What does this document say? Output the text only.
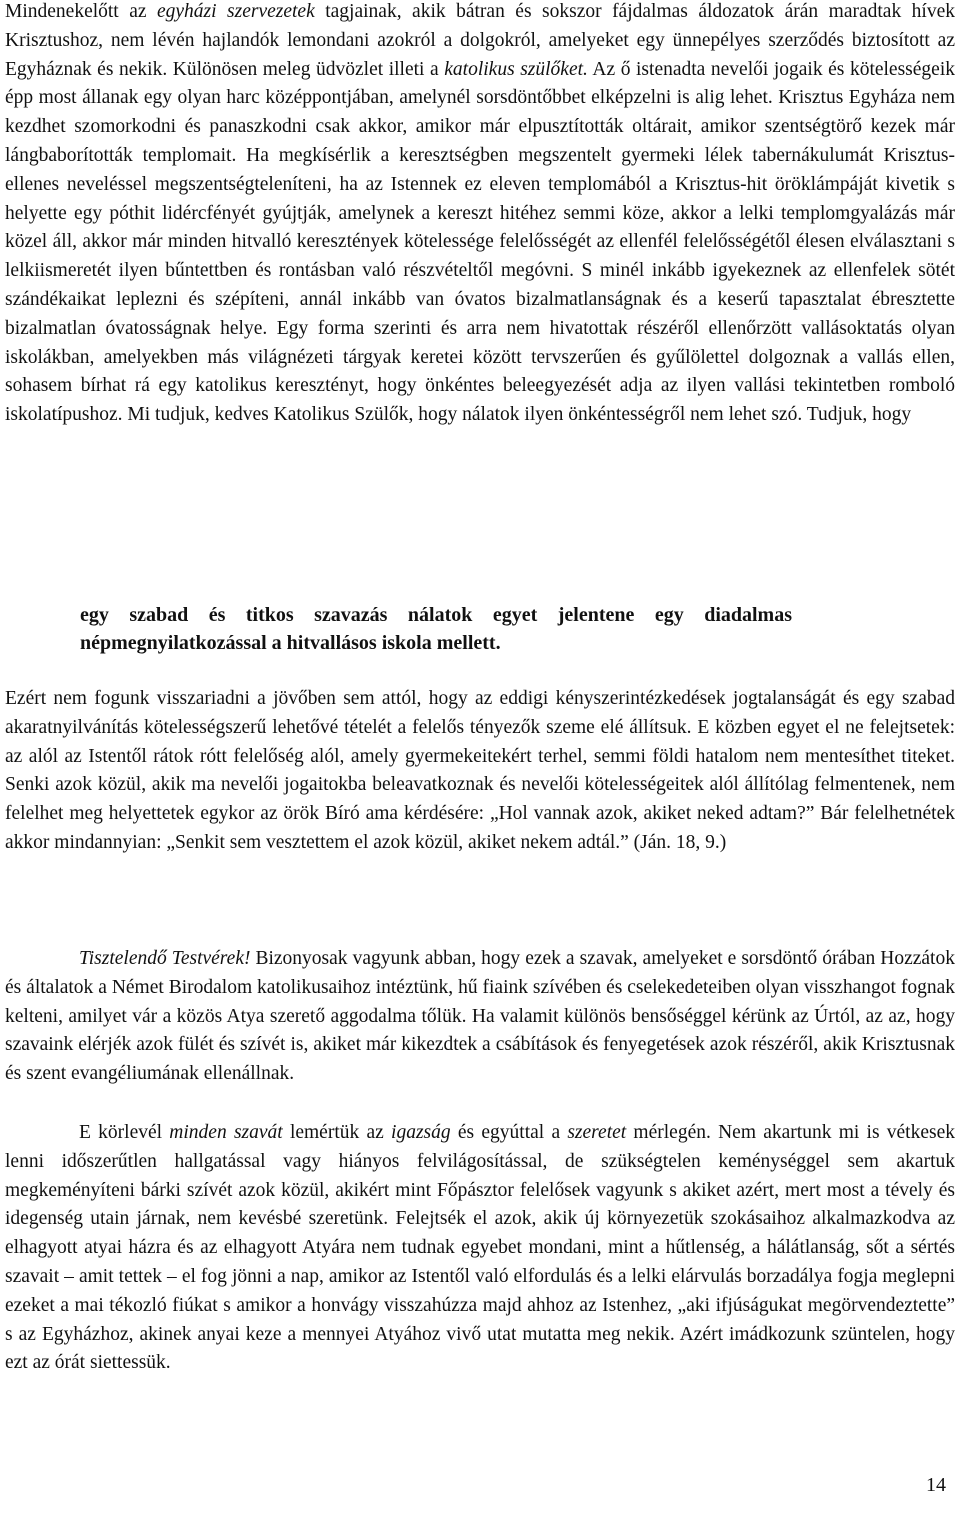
Mindenekelőtt az egyházi szervezetek tagjainak, akik bátran és sokszor fájdalmas áldozatok árán maradtak hívek Krisztushoz, nem lévén hajlandók lemondani azokról a dolgokról, amelyeket egy ünnepélyes szerződés biztosított az Egyháznak és nekik. Különösen meleg üdvözlet illeti a katolikus szülőket. Az ő istenadta nevelői jogaik és kötelességeik épp most állanak egy olyan harc középpontjában, amelynél sorsdöntőbbet elképzelni is alig lehet. Krisztus Egyháza nem kezdhet szomorkodni és panaszkodni csak akkor, amikor már elpusztították oltárait, amikor szentségtörő kezek már lángbaborították templomait. Ha megkísérlik a keresztségben megszentelt gyermeki lélek tabernákulumát Krisztus-ellenes neveléssel megszentségteleníteni, ha az Istennek ez eleven templomából a Krisztus-hit öröklámpáját kivetik s helyette egy póthit lidércfényét gyújtják, amelynek a kereszt hitéhez semmi köze, akkor a lelki templomgyalázás már közel áll, akkor már minden hitvalló keresztények kötelessége felelősségét az ellenfél felelősségétől élesen elválasztani s lelkiismeretét ilyen bűntettben és rontásban való részvételtől megóvni. S minél inkább igyekeznek az ellenfelek sötét szándékaikat leplezni és szépíteni, annál inkább van óvatos bizalmatlanságnak és a keserű tapasztalat ébresztette bizalmatlan óvatosságnak helye. Egy forma szerinti és arra nem hivatottak részéről ellenőrzött vallásoktatás olyan iskolákban, amelyekben más világnézeti tárgyak keretei között tervszerűen és gyűlölettel dolgoznak a vallás ellen, sohasem bírhat rá egy katolikus keresztényt, hogy önkéntes beleegyezését adja az ilyen vallási tekintetben romboló iskolatípushoz. Mi tudjuk, kedves Katolikus Szülők, hogy nálatok ilyen önkéntességről nem lehet szó. Tudjuk, hogy

egy szabad és titkos szavazás nálatok egyet jelentene egy diadalmas népmegnyilatkozással a hitvallásos iskola mellett.

Ezért nem fogunk visszariadni a jövőben sem attól, hogy az eddigi kényszerintézkedések jogtalanságát és egy szabad akaratnyilvánítás kötelességszerű lehetővé tételét a felelős tényezők szeme elé állítsuk. E közben egyet el ne felejtsetek: az alól az Istentől rátok rótt felelőség alól, amely gyermekeitekért terhel, semmi földi hatalom nem mentesíthet titeket. Senki azok közül, akik ma nevelői jogaitokba beleavatkoznak és nevelői kötelességeitek alól állítólag felmentenek, nem felelhet meg helyettetek egykor az örök Bíró ama kérdésére: „Hol vannak azok, akiket neked adtam?” Bár felelhetnétek akkor mindannyian: „Senkit sem vesztettem el azok közül, akiket nekem adtál.” (Ján. 18, 9.)

Tisztelendő Testvérek! Bizonyosak vagyunk abban, hogy ezek a szavak, amelyeket e sorsdöntő órában Hozzátok és általatok a Német Birodalom katolikusaihoz intéztünk, hű fiaink szívében és cselekedeteiben olyan visszhangot fognak kelteni, amilyet vár a közös Atya szerető aggodalma tőlük. Ha valamit különös bensőséggel kérünk az Úrtól, az az, hogy szavaink elérjék azok fülét és szívét is, akiket már kikezdtek a csábítások és fenyegetések azok részéről, akik Krisztusnak és szent evangéliumának ellenállnak.

E körlevél minden szavát lemértük az igazság és egyúttal a szeretet mérlegén. Nem akartunk mi is vétkesek lenni időszerűtlen hallgatással vagy hiányos felvilágosítással, de szükségtelen keménységgel sem akartuk megkeményíteni bárki szívét azok közül, akikért mint Főpásztor felelősek vagyunk s akiket azért, mert most a tévely és idegenség utain járnak, nem kevésbé szeretünk. Felejtsék el azok, akik új környezetük szokásaihoz alkalmazkodva az elhagyott atyai házra és az elhagyott Atyára nem tudnak egyebet mondani, mint a hűtlenség, a hálátlanság, sőt a sértés szavait – amit tettek – el fog jönni a nap, amikor az Istentől való elfordulás és a lelki elárvulás borzadálya fogja meglepni ezeket a mai tékozló fiúkat s amikor a honvágy visszahúzza majd ahhoz az Istenhez, „aki ifjúságukat megörvendeztette” s az Egyházhoz, akinek anyai keze a mennyei Atyához vivő utat mutatta meg nekik. Azért imádkozunk szüntelen, hogy ezt az órát siettessük.

14
